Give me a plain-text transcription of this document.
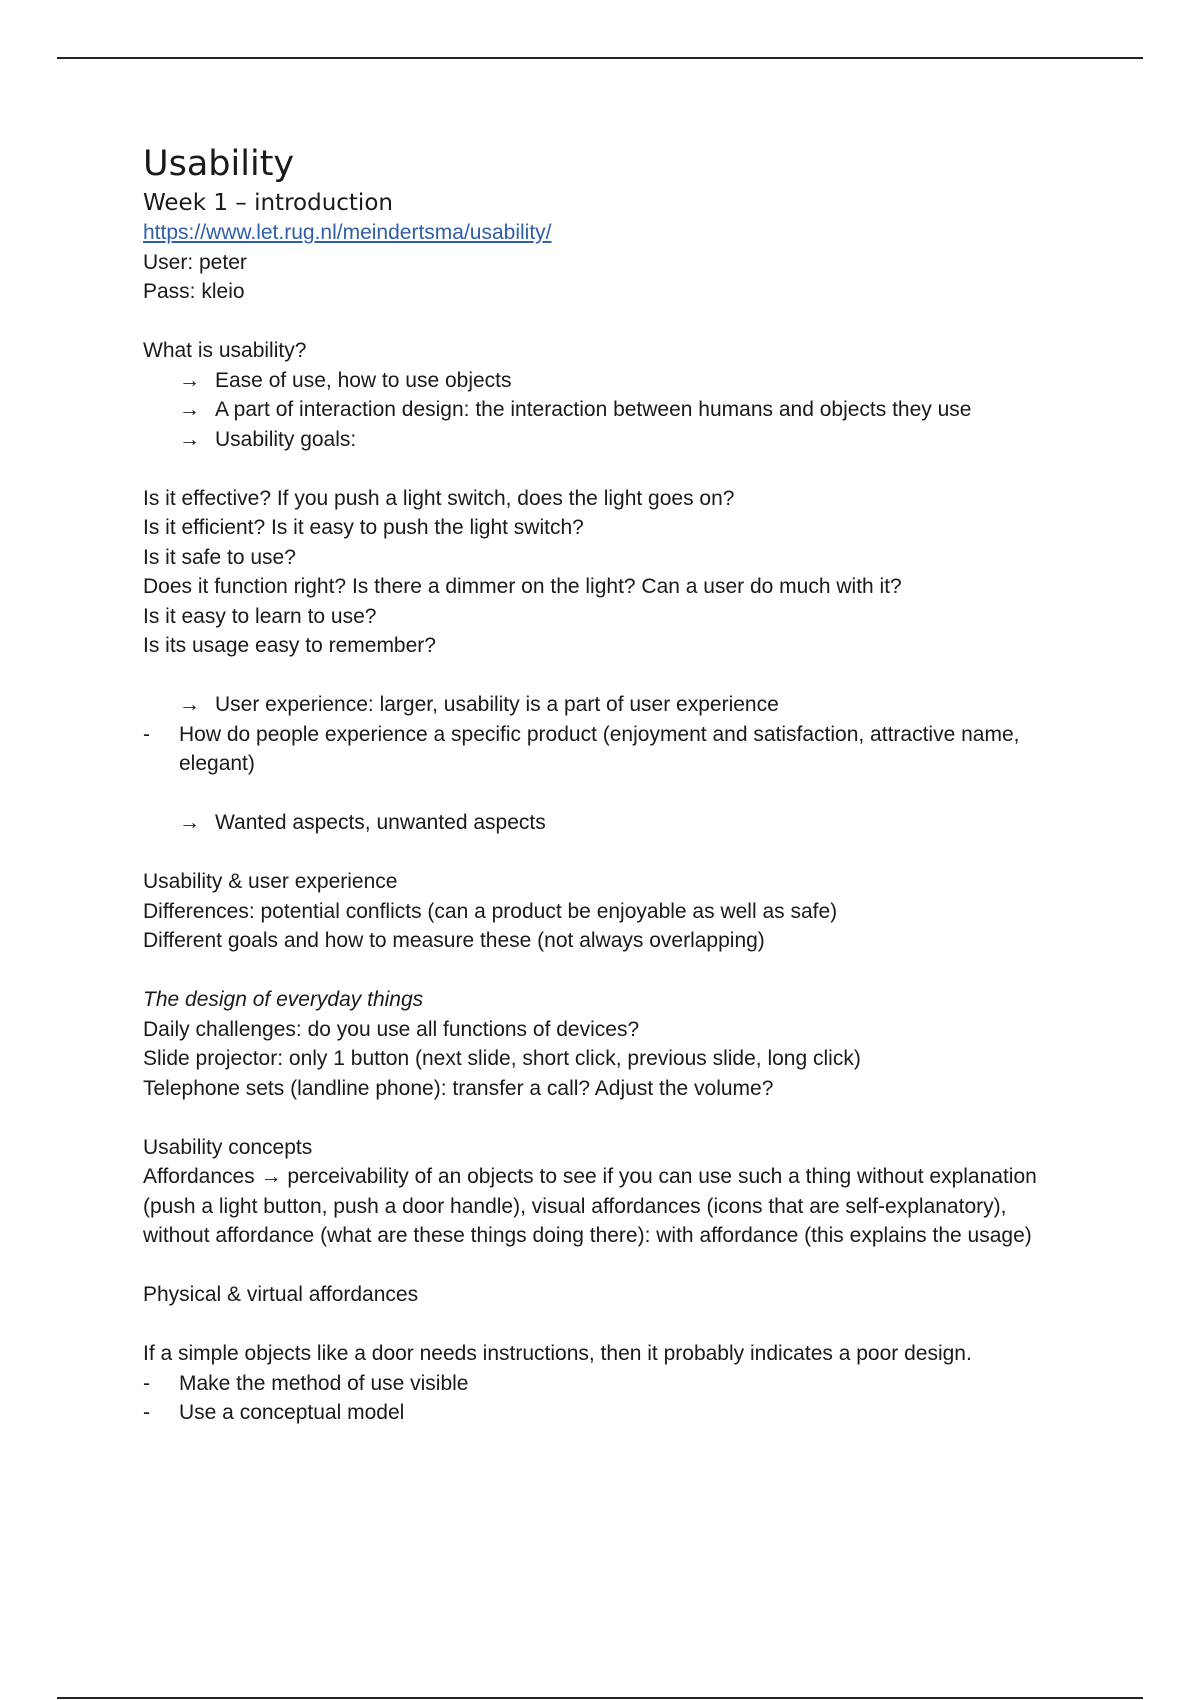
Usability
Week 1 – introduction
https://www.let.rug.nl/meindertsma/usability/
User: peter
Pass: kleio
What is usability?
→ Ease of use, how to use objects
→ A part of interaction design: the interaction between humans and objects they use
→ Usability goals:
Is it effective? If you push a light switch, does the light goes on?
Is it efficient? Is it easy to push the light switch?
Is it safe to use?
Does it function right? Is there a dimmer on the light? Can a user do much with it?
Is it easy to learn to use?
Is its usage easy to remember?
→ User experience: larger, usability is a part of user experience
- How do people experience a specific product (enjoyment and satisfaction, attractive name, elegant)
→ Wanted aspects, unwanted aspects
Usability & user experience
Differences: potential conflicts (can a product be enjoyable as well as safe)
Different goals and how to measure these (not always overlapping)
The design of everyday things
Daily challenges: do you use all functions of devices?
Slide projector: only 1 button (next slide, short click, previous slide, long click)
Telephone sets (landline phone): transfer a call? Adjust the volume?
Usability concepts
Affordances → perceivability of an objects to see if you can use such a thing without explanation (push a light button, push a door handle), visual affordances (icons that are self-explanatory), without affordance (what are these things doing there): with affordance (this explains the usage)
Physical & virtual affordances
If a simple objects like a door needs instructions, then it probably indicates a poor design.
- Make the method of use visible
- Use a conceptual model
